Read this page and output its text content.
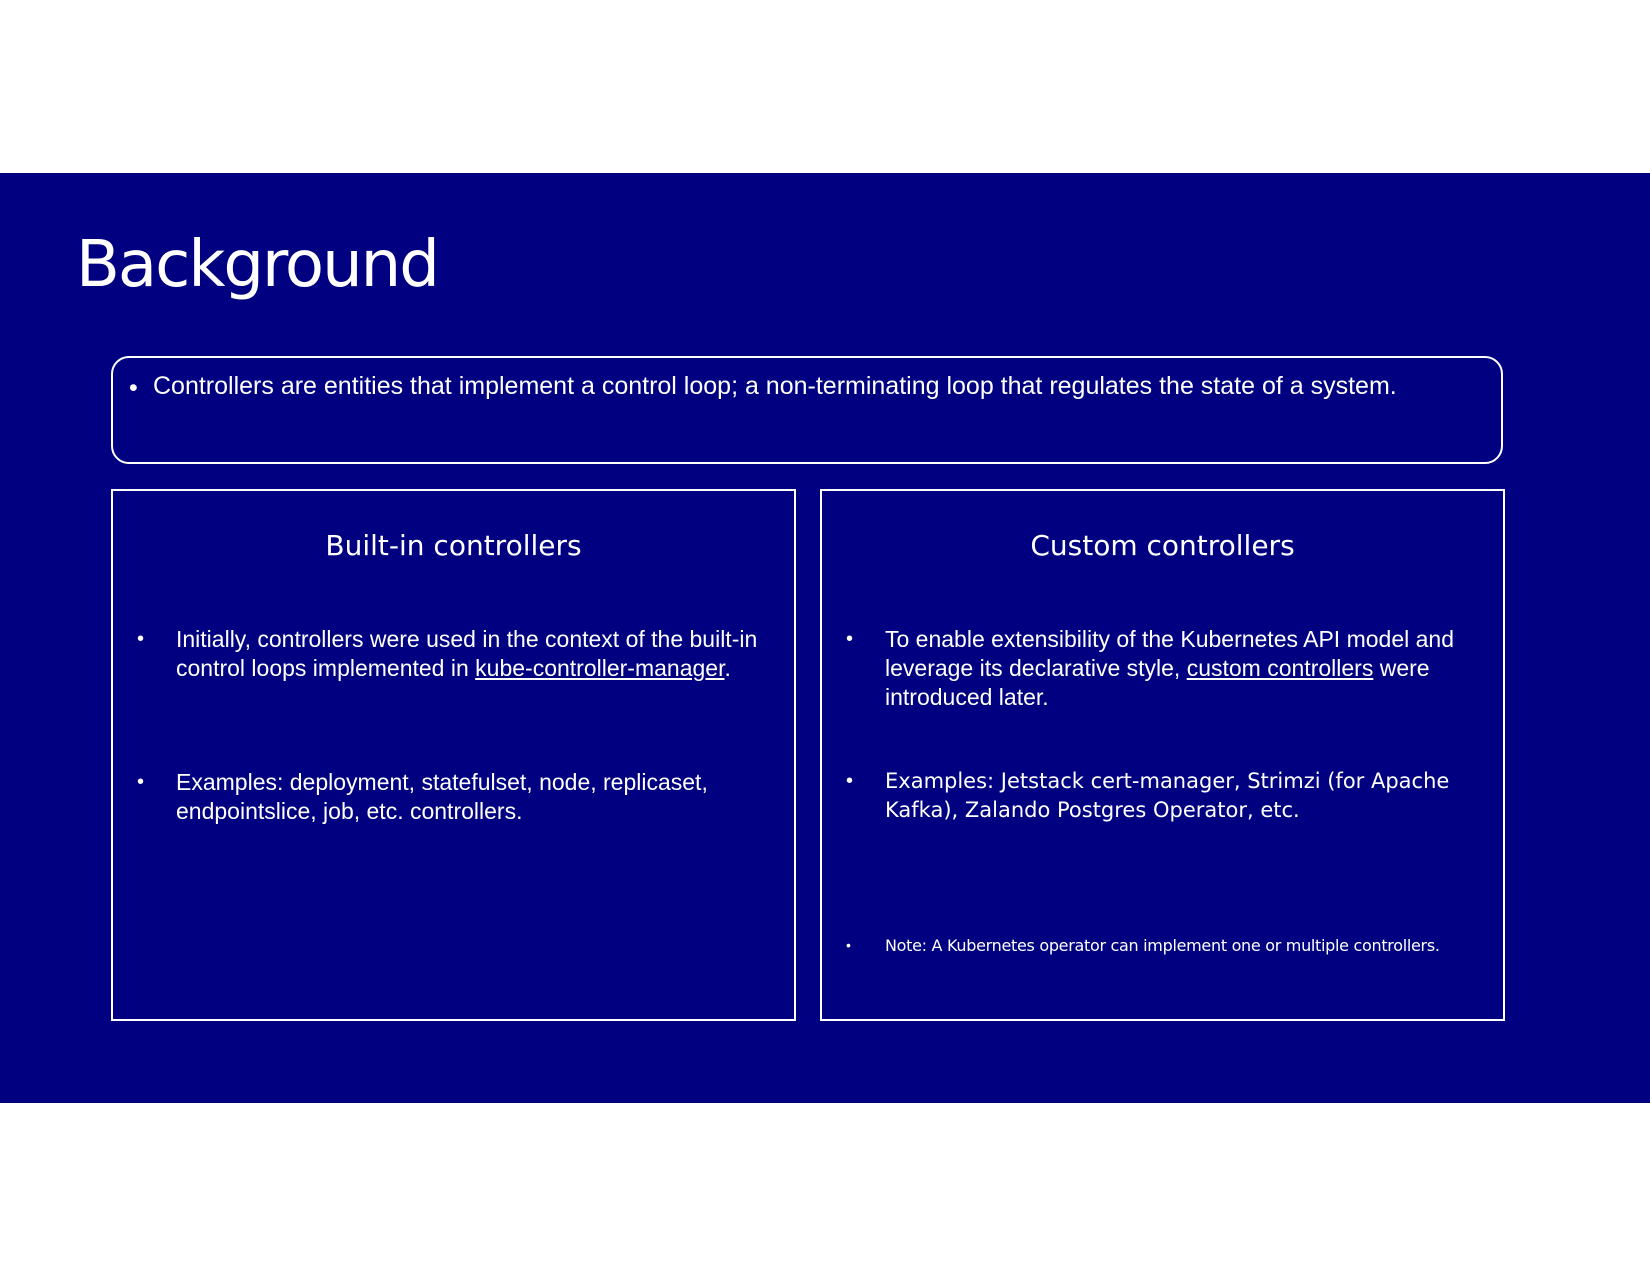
Background
• Controllers are entities that implement a control loop; a non-terminating loop that regulates the state of a system.
Built-in controllers
• Initially, controllers were used in the context of the built-in control loops implemented in kube-controller-manager.
• Examples: deployment, statefulset, node, replicaset, endpointslice, job, etc. controllers.
Custom controllers
• To enable extensibility of the Kubernetes API model and leverage its declarative style, custom controllers were introduced later.
• Examples: Jetstack cert-manager, Strimzi (for Apache Kafka), Zalando Postgres Operator, etc.
• Note: A Kubernetes operator can implement one or multiple controllers.
